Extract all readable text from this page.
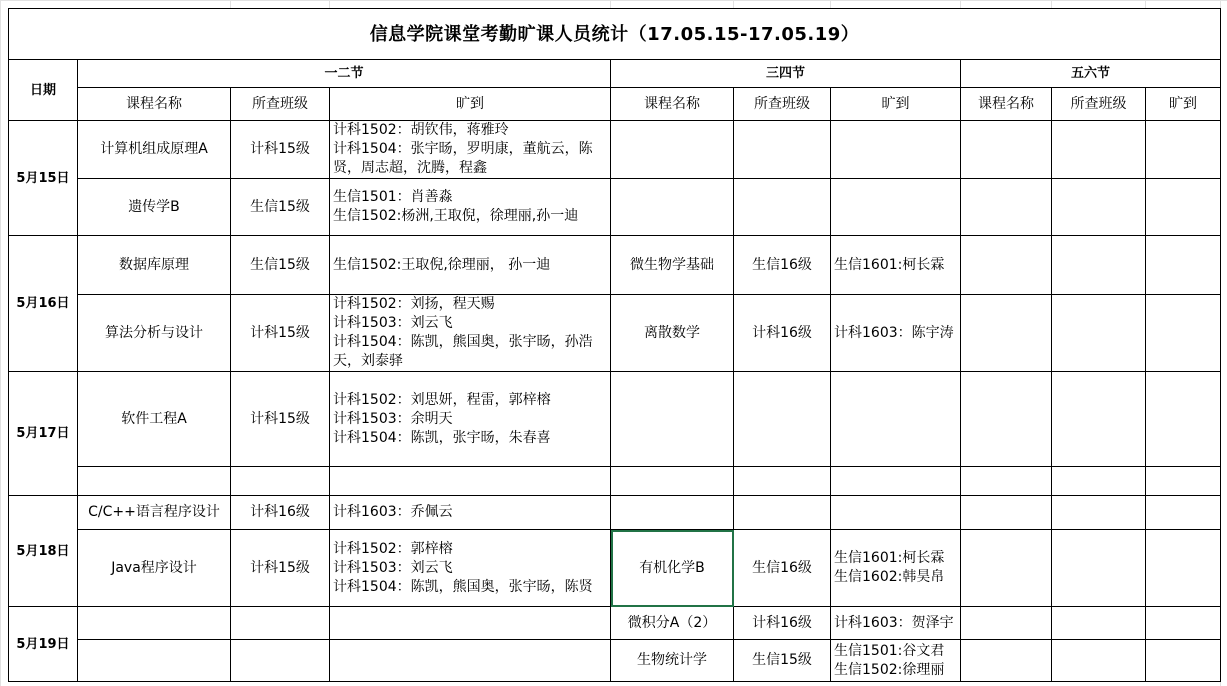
信息学院课堂考勤旷课人员统计（17.05.15-17.05.19）									
日期	一二节			三四节			五六节		
	课程名称	所查班级	旷到	课程名称	所查班级	旷到	课程名称	所查班级	旷到
5月15日	计算机组成原理A	计科15级	计科1502：胡钦伟，蒋雅玲
计科1504：张宇旸，罗明康，董航云，陈贤，周志超，沈腾，程鑫						

	遗传学B	生信15级	生信1501：肖善淼
生信1502:杨洲,王取倪，徐理丽,孙一迪						

5月16日	数据库原理	生信15级	生信1502:王取倪,徐理丽， 孙一迪	微生物学基础	生信16级	生信1601:柯长霖			

	算法分析与设计	计科15级	计科1502：刘扬，程天赐
计科1503：刘云飞
计科1504：陈凯，熊国奥，张宇旸，孙浩天，刘泰驿	离散数学	计科16级	计科1603：陈宇涛			

5月17日	软件工程A	计科15级	计科1502：刘思妍，程雷，郭梓榕
计科1503：余明天
计科1504：陈凯，张宇旸，朱春喜						

5月18日	C/C++语言程序设计	计科16级	计科1603：乔佩云						

	Java程序设计	计科15级	计科1502：郭梓榕
计科1503：刘云飞
计科1504：陈凯，熊国奥，张宇旸，陈贤	有机化学B	生信16级	生信1601:柯长霖
生信1602:韩昊帛			

5月19日				微积分A（2）	计科16级	计科1603：贺泽宇			

				生物统计学	生信15级	生信1501:谷文君
生信1502:徐理丽			
